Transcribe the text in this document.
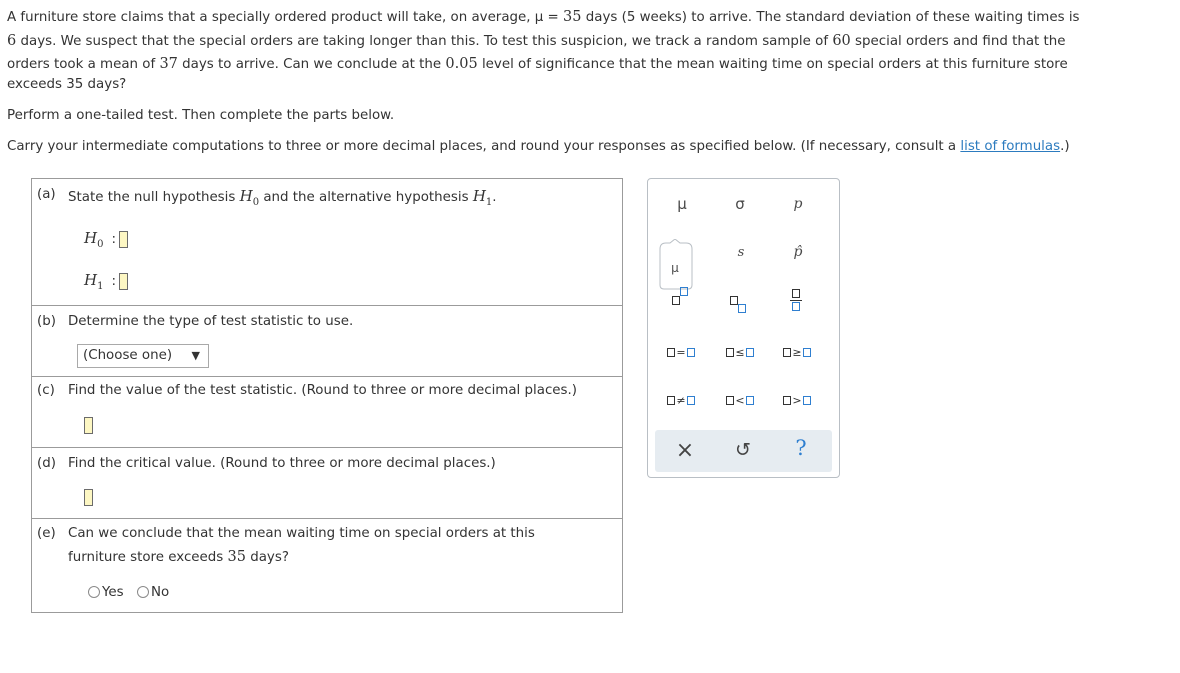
A furniture store claims that a specially ordered product will take, on average, μ = 35 days (5 weeks) to arrive. The standard deviation of these waiting times is

6 days. We suspect that the special orders are taking longer than this. To test this suspicion, we track a random sample of 60 special orders and find that the

orders took a mean of 37 days to arrive. Can we conclude at the 0.05 level of significance that the mean waiting time on special orders at this furniture store

exceeds 35 days?

Perform a one-tailed test. Then complete the parts below.
Carry your intermediate computations to three or more decimal places, and round your responses as specified below. (If necessary, consult a list of formulas.)
(a) State the null hypothesis $H_0$ and the alternative hypothesis $H_1$.
$H_0$ :
$H_1$ :
(b) Determine the type of test statistic to use.
(Choose one) ▼
(c) Find the value of the test statistic. (Round to three or more decimal places.)
(d) Find the critical value. (Round to three or more decimal places.)
(e) Can we conclude that the mean waiting time on special orders at this
furniture store exceeds 35 days?
Yes	No
μ	σ	p
μ
s	p̂

=	≤	≥
≠	<	>
× ↺ ?
